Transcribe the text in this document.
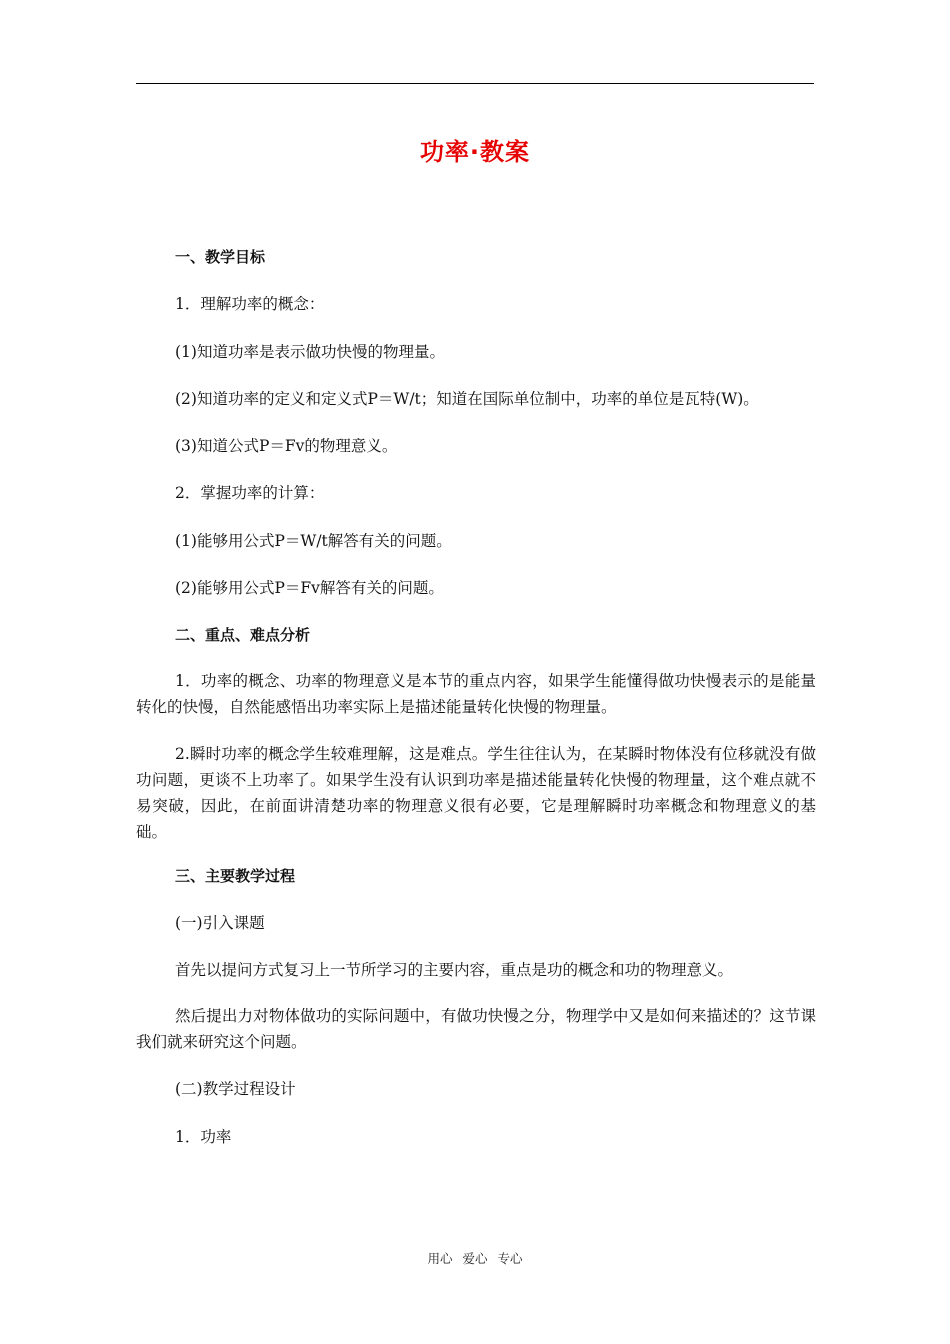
功率·教案
一、教学目标
1．理解功率的概念：
(1)知道功率是表示做功快慢的物理量。
(2)知道功率的定义和定义式P＝W/t；知道在国际单位制中，功率的单位是瓦特(W)。
(3)知道公式P＝Fv的物理意义。
2．掌握功率的计算：
(1)能够用公式P＝W/t解答有关的问题。
(2)能够用公式P＝Fv解答有关的问题。
二、重点、难点分析
1．功率的概念、功率的物理意义是本节的重点内容，如果学生能懂得做功快慢表示的是能量转化的快慢，自然能感悟出功率实际上是描述能量转化快慢的物理量。
2.瞬时功率的概念学生较难理解，这是难点。学生往往认为，在某瞬时物体没有位移就没有做功问题，更谈不上功率了。如果学生没有认识到功率是描述能量转化快慢的物理量，这个难点就不易突破，因此，在前面讲清楚功率的物理意义很有必要，它是理解瞬时功率概念和物理意义的基础。
三、主要教学过程
(一)引入课题
首先以提问方式复习上一节所学习的主要内容，重点是功的概念和功的物理意义。
然后提出力对物体做功的实际问题中，有做功快慢之分，物理学中又是如何来描述的？这节课我们就来研究这个问题。
(二)教学过程设计
1．功率
用心 爱心 专心
